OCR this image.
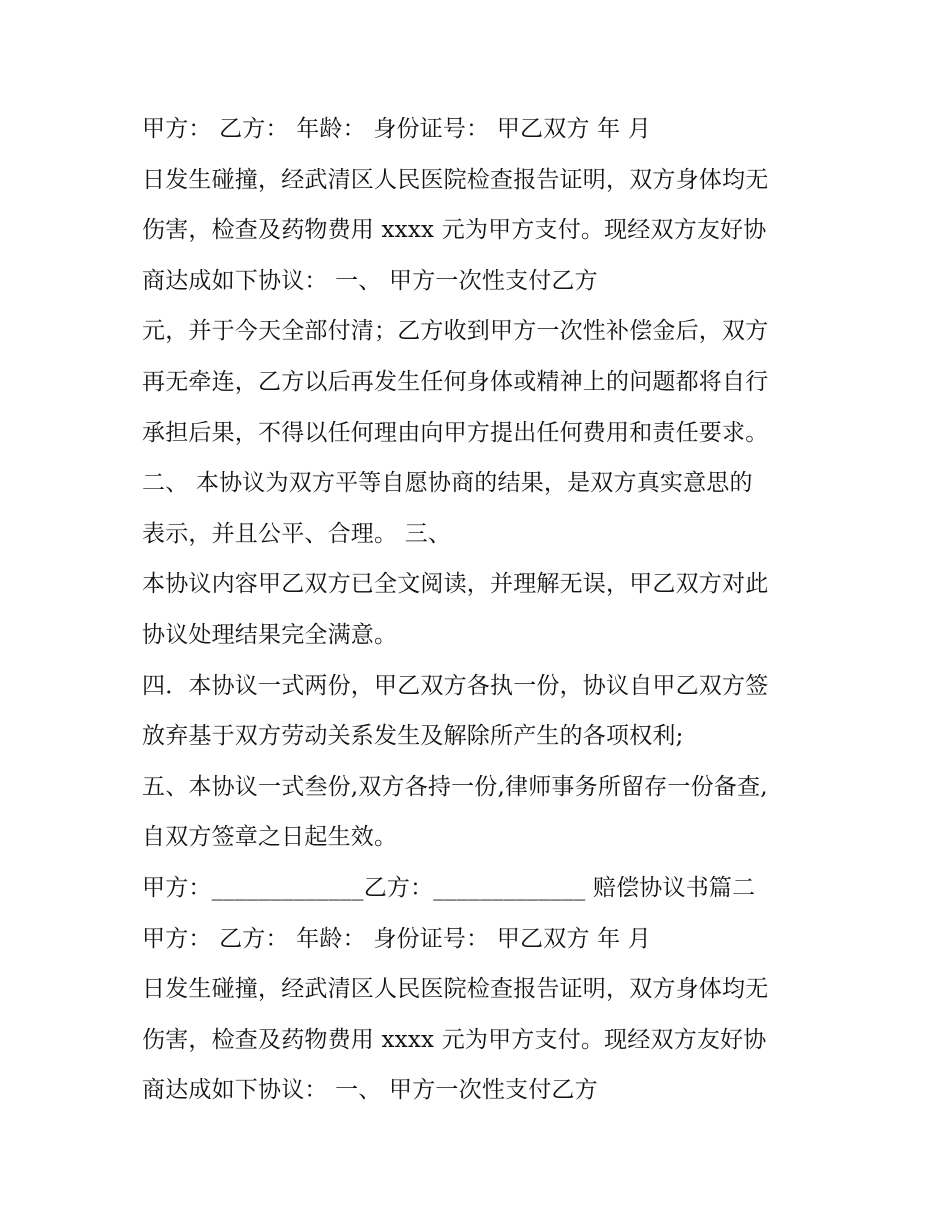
甲方： 乙方： 年龄： 身份证号： 甲乙双方 年 月
日发生碰撞，经武清区人民医院检查报告证明，双方身体均无
伤害，检查及药物费用 xxxx 元为甲方支付。现经双方友好协
商达成如下协议： 一、 甲方一次性支付乙方
元，并于今天全部付清；乙方收到甲方一次性补偿金后，双方
再无牵连，乙方以后再发生任何身体或精神上的问题都将自行
承担后果，不得以任何理由向甲方提出任何费用和责任要求。
二、 本协议为双方平等自愿协商的结果，是双方真实意思的
表示，并且公平、合理。 三、
本协议内容甲乙双方已全文阅读，并理解无误，甲乙双方对此
协议处理结果完全满意。
四．本协议一式两份，甲乙双方各执一份，协议自甲乙双方签
放弃基于双方劳动关系发生及解除所产生的各项权利;
五、本协议一式叁份,双方各持一份,律师事务所留存一份备查,
自双方签章之日起生效。
甲方：_____________乙方：_____________ 赔偿协议书篇二
甲方： 乙方： 年龄： 身份证号： 甲乙双方 年 月
日发生碰撞，经武清区人民医院检查报告证明，双方身体均无
伤害，检查及药物费用 xxxx 元为甲方支付。现经双方友好协
商达成如下协议： 一、 甲方一次性支付乙方
